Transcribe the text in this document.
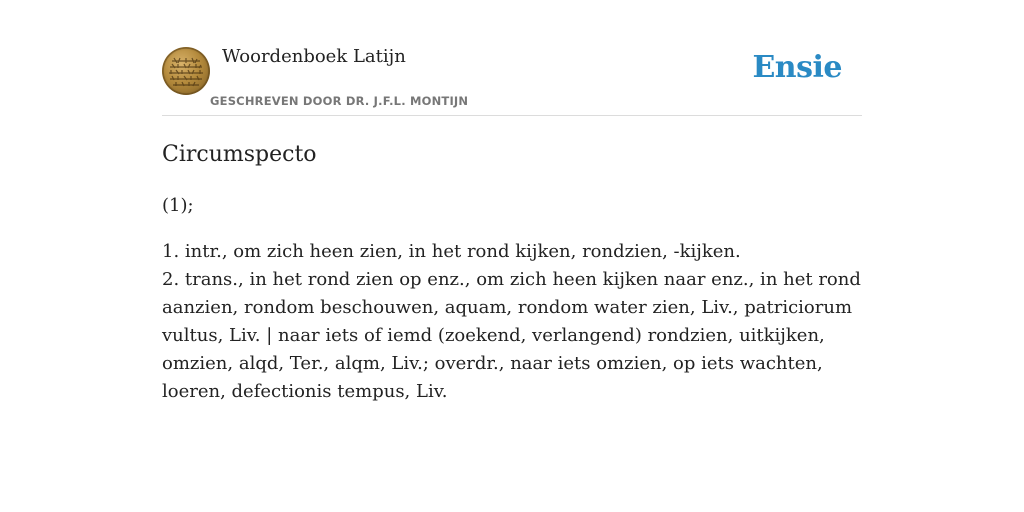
Woordenboek Latijn
GESCHREVEN DOOR DR. J.F.L. MONTIJN
Ensie
Circumspecto

(1);

1. intr., om zich heen zien, in het rond kijken, rondzien, -kijken.
2. trans., in het rond zien op enz., om zich heen kijken naar enz., in het rond aanzien, rondom beschouwen, aquam, rondom water zien, Liv., patriciorum vultus, Liv. | naar iets of iemd (zoekend, verlangend) rondzien, uitkijken, omzien, alqd, Ter., alqm, Liv.; overdr., naar iets omzien, op iets wachten, loeren, defectionis tempus, Liv.
